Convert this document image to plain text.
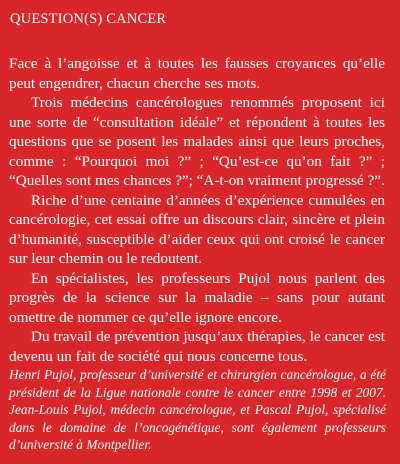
QUESTION(S) CANCER

Face à l’angoisse et à toutes les fausses croyances qu’elle peut engendrer, chacun cherche ses mots.

Trois médecins cancérologues renommés proposent ici une sorte de “consultation idéale” et répondent à toutes les questions que se posent les malades ainsi que leurs proches, comme : “Pourquoi moi ?” ; “Qu’est-ce qu’on fait ?” ; “Quelles sont mes chances ?”; “A-t-on vraiment progressé ?”.

Riche d’une centaine d’années d’expérience cumulées en cancérologie, cet essai offre un discours clair, sincère et plein d’humanité, susceptible d’aider ceux qui ont croisé le cancer sur leur chemin ou le redoutent.

En spécialistes, les professeurs Pujol nous parlent des progrès de la science sur la maladie – sans pour autant omettre de nommer ce qu’elle ignore encore.

Du travail de prévention jusqu’aux thérapies, le cancer est devenu un fait de société qui nous concerne tous.

Henri Pujol, professeur d’université et chirurgien cancérologue, a été président de la Ligue nationale contre le cancer entre 1998 et 2007. Jean-Louis Pujol, médecin cancérologue, et Pascal Pujol, spécialisé dans le domaine de l’oncogénétique, sont également professeurs d’université à Montpellier.
